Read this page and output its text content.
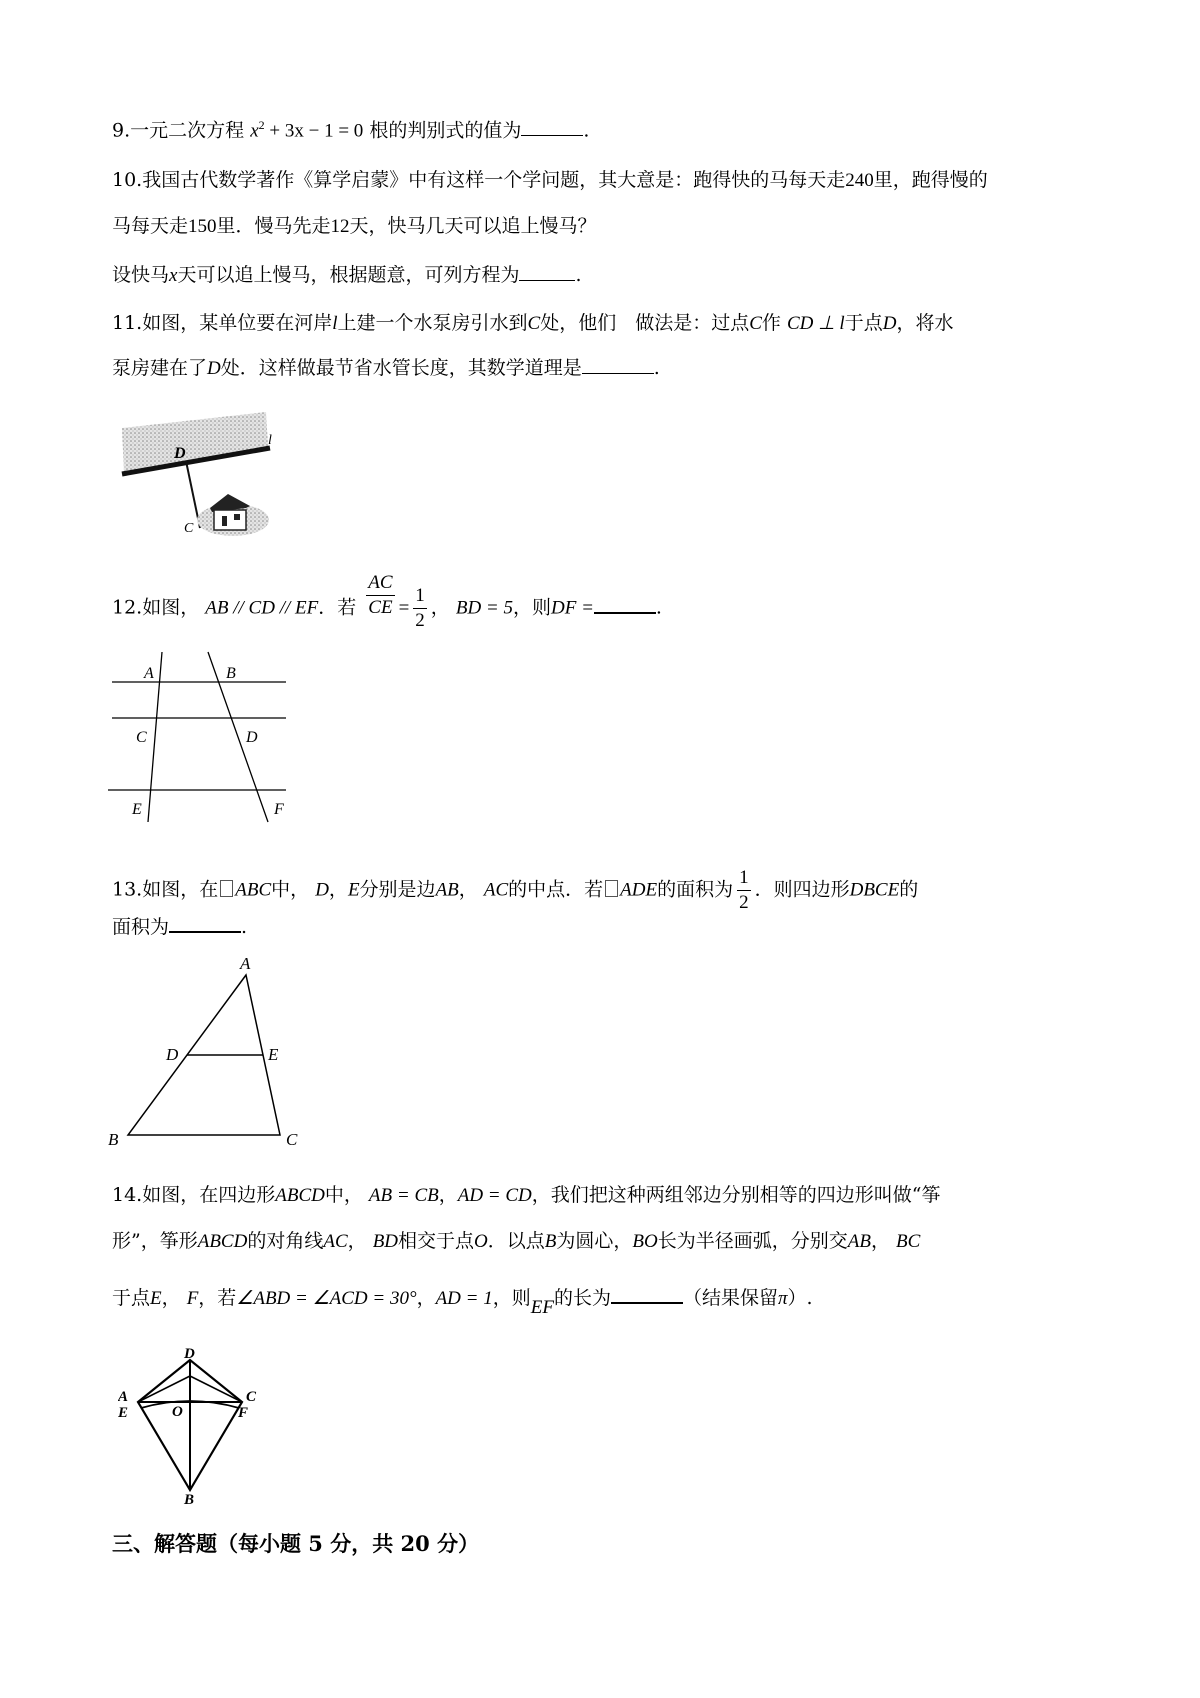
9.一元二次方程 $x^2 + 3x - 1 = 0$ 根的判别式的值为	.
10.我国古代数学著作《算学启蒙》中有这样一个学问题，其大意是：跑得快的马每天走240里，跑得慢的
马每天走150里．慢马先走12天，快马几天可以追上慢马？
设快马x天可以追上慢马，根据题意，可列方程为	.
11.如图，某单位要在河岸l上建一个水泵房引水到C处，他们　做法是：过点C作 CD ⊥ l于点D，将水
泵房建在了D处．这样做最节省水管长度，其数学道理是	.
D
C
l
12.如图， AB // CD // EF．若 $\frac{AC}{CE} = \frac{1}{2}$ ， BD = 5，则DF =	.
A	B
C	D
E	F
13.如图，在 ABC中， D，E分别是边AB， AC的中点．若 ADE的面积为 $\frac{1}{2}$ ．则四边形DBCE的
面积为	.
A
D	E
B	C
14.如图，在四边形ABCD中， AB = CB，AD = CD，我们把这种两组邻边分别相等的四边形叫做“筝
形”，筝形ABCD的对角线AC， BD相交于点O．以点B为圆心，BO长为半径画弧，分别交AB， BC
于点E， F，若∠ABD = ∠ACD = 30°，AD = 1，则EF的长为	（结果保留π）.
D
A
E	O
C
F
B
三、解答题（每小题 5 分，共 20 分）
